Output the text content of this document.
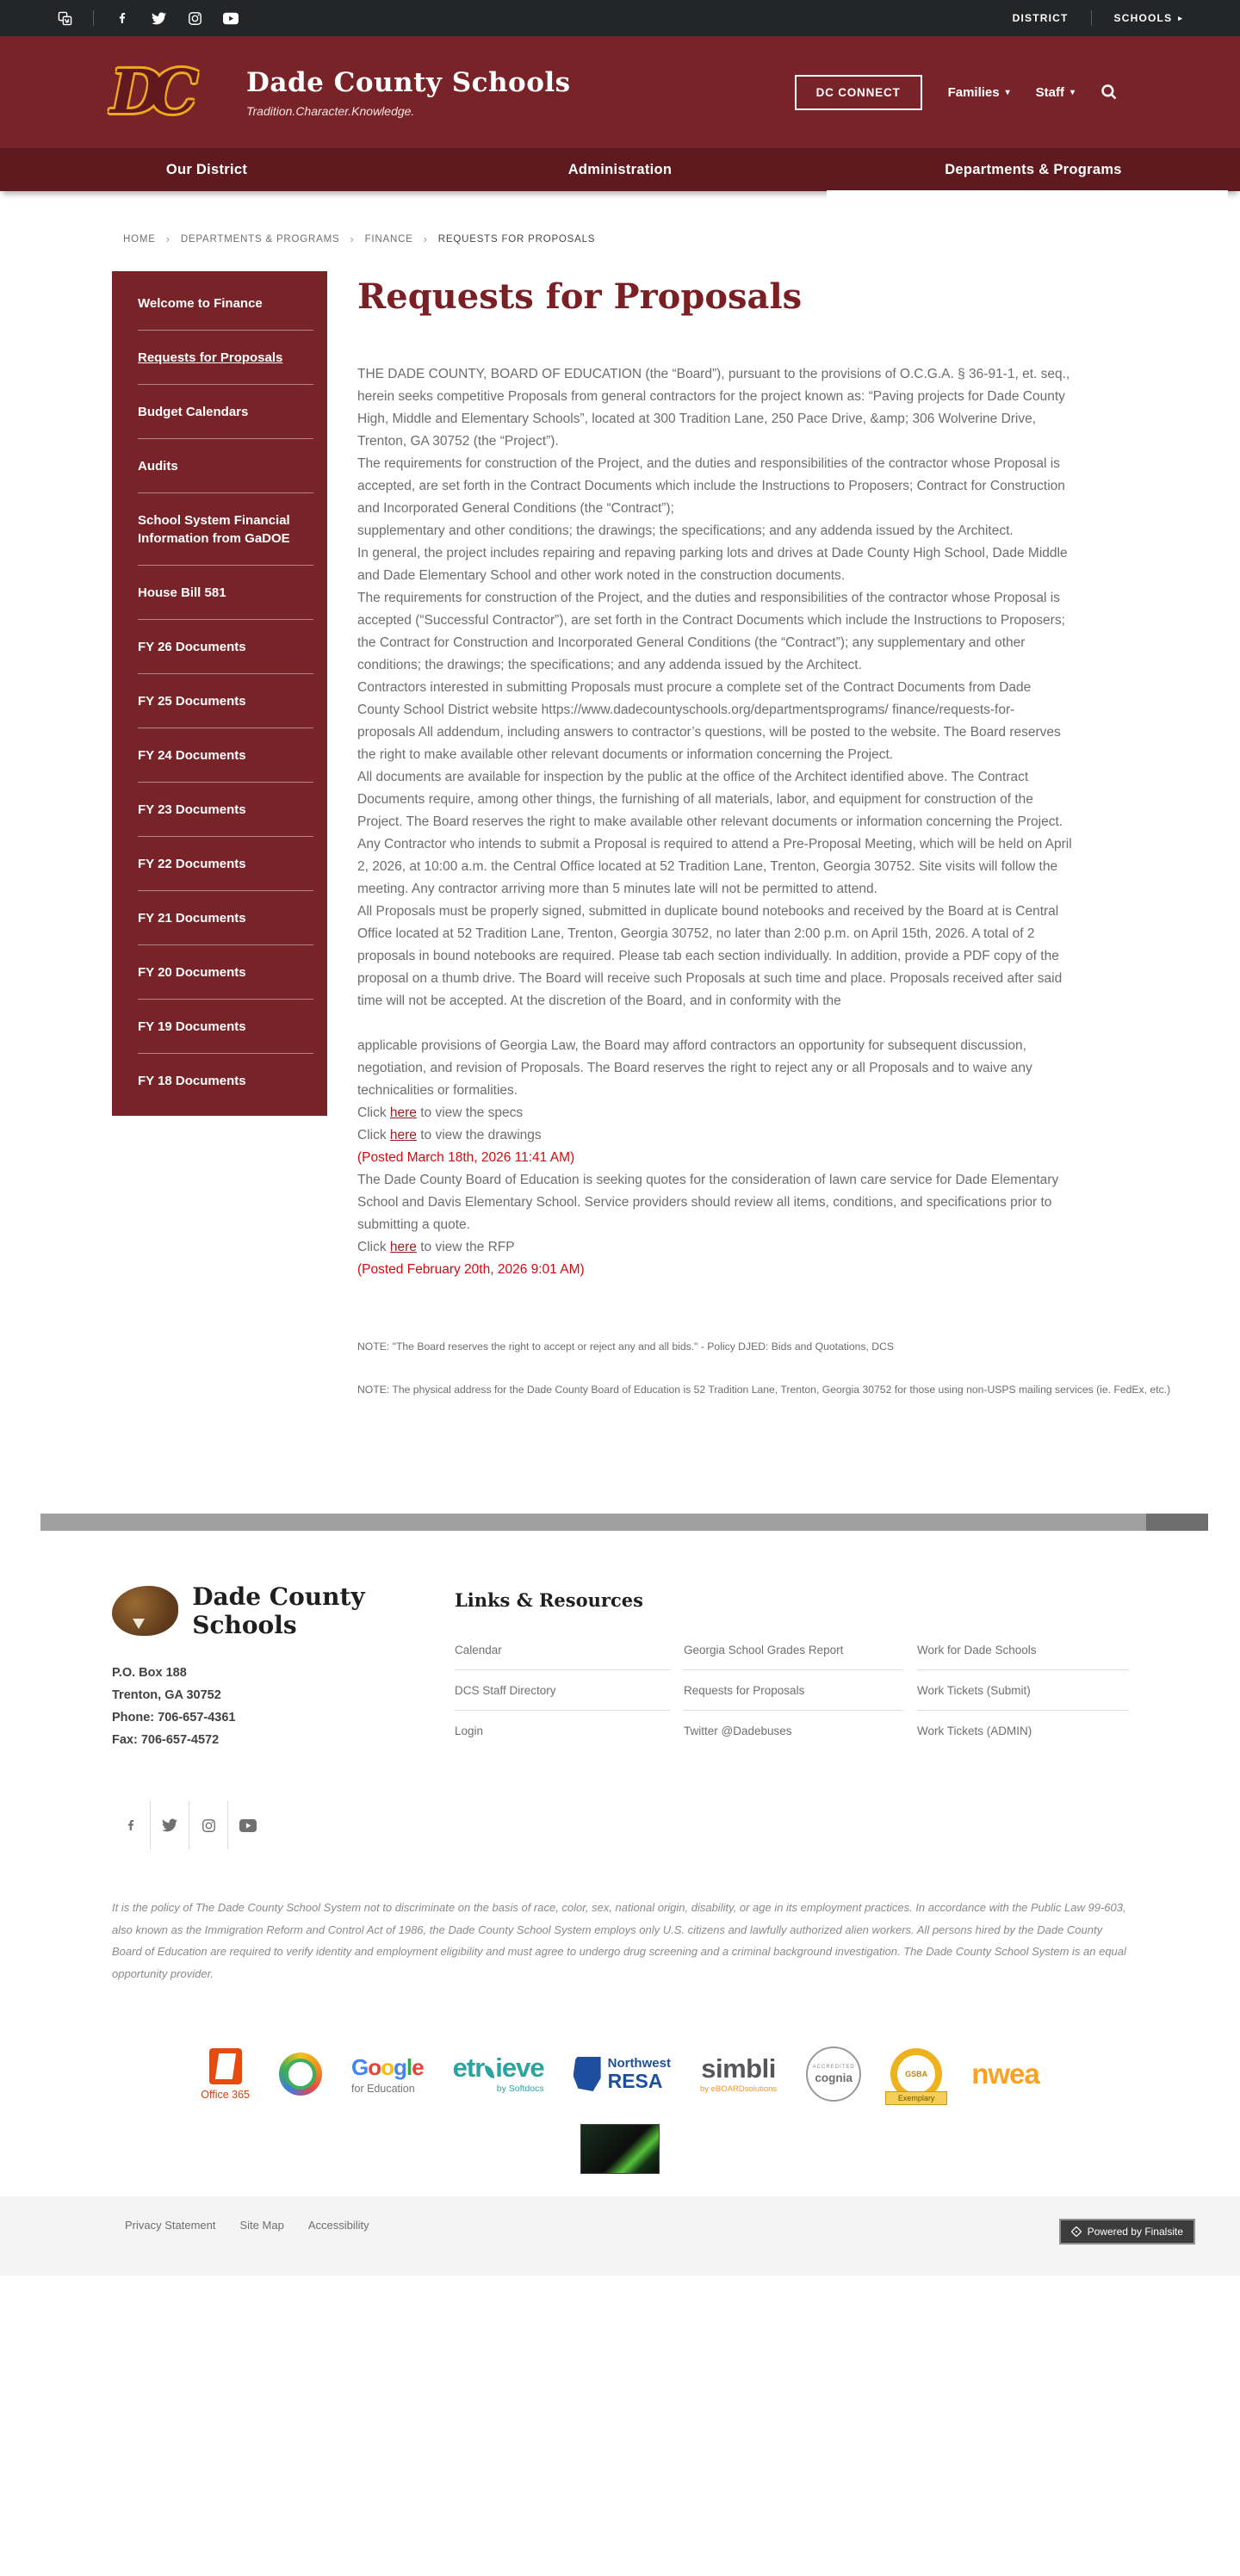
DISTRICT	SCHOOLS ▸
DC	Dade County Schools
Tradition.Character.Knowledge.
DC CONNECT	Families ▾ Staff ▾
Our District	Administration	Departments & Programs
HOME › DEPARTMENTS & PROGRAMS › FINANCE › REQUESTS FOR PROPOSALS
Welcome to Finance
Requests for Proposals
Budget Calendars
Audits
School System Financial Information from GaDOE
House Bill 581
FY 26 Documents
FY 25 Documents
FY 24 Documents
FY 23 Documents
FY 22 Documents
FY 21 Documents
FY 20 Documents
FY 19 Documents
FY 18 Documents
Requests for Proposals

THE DADE COUNTY, BOARD OF EDUCATION (the “Board”), pursuant to the provisions of O.C.G.A. § 36-91-1, et. seq., herein seeks competitive Proposals from general contractors for the project known as: “Paving projects for Dade County High, Middle and Elementary Schools”, located at 300 Tradition Lane, 250 Pace Drive, &amp; 306 Wolverine Drive, Trenton, GA 30752 (the “Project”).

The requirements for construction of the Project, and the duties and responsibilities of the contractor whose Proposal is accepted, are set forth in the Contract Documents which include the Instructions to Proposers; Contract for Construction and Incorporated General Conditions (the “Contract”);

supplementary and other conditions; the drawings; the specifications; and any addenda issued by the Architect.

In general, the project includes repairing and repaving parking lots and drives at Dade County High School, Dade Middle and Dade Elementary School and other work noted in the construction documents.

The requirements for construction of the Project, and the duties and responsibilities of the contractor whose Proposal is accepted (“Successful Contractor”), are set forth in the Contract Documents which include the Instructions to Proposers; the Contract for Construction and Incorporated General Conditions (the “Contract”); any supplementary and other conditions; the drawings; the specifications; and any addenda issued by the Architect.

Contractors interested in submitting Proposals must procure a complete set of the Contract Documents from Dade County School District website https://www.dadecountyschools.org/departmentsprograms/ finance/requests-for-proposals All addendum, including answers to contractor’s questions, will be posted to the website. The Board reserves the right to make available other relevant documents or information concerning the Project.

All documents are available for inspection by the public at the office of the Architect identified above. The Contract Documents require, among other things, the furnishing of all materials, labor, and equipment for construction of the Project. The Board reserves the right to make available other relevant documents or information concerning the Project.

Any Contractor who intends to submit a Proposal is required to attend a Pre-Proposal Meeting, which will be held on April 2, 2026, at 10:00 a.m. the Central Office located at 52 Tradition Lane, Trenton, Georgia 30752. Site visits will follow the meeting. Any contractor arriving more than 5 minutes late will not be permitted to attend.

All Proposals must be properly signed, submitted in duplicate bound notebooks and received by the Board at is Central Office located at 52 Tradition Lane, Trenton, Georgia 30752, no later than 2:00 p.m. on April 15th, 2026. A total of 2 proposals in bound notebooks are required. Please tab each section individually. In addition, provide a PDF copy of the proposal on a thumb drive. The Board will receive such Proposals at such time and place. Proposals received after said time will not be accepted. At the discretion of the Board, and in conformity with the

applicable provisions of Georgia Law, the Board may afford contractors an opportunity for subsequent discussion, negotiation, and revision of Proposals. The Board reserves the right to reject any or all Proposals and to waive any technicalities or formalities.

Click here to view the specs

Click here to view the drawings

(Posted March 18th, 2026 11:41 AM)

The Dade County Board of Education is seeking quotes for the consideration of lawn care service for Dade Elementary School and Davis Elementary School. Service providers should review all items, conditions, and specifications prior to submitting a quote.

Click here to view the RFP

(Posted February 20th, 2026 9:01 AM)

NOTE: "The Board reserves the right to accept or reject any and all bids." - Policy DJED: Bids and Quotations, DCS

NOTE: The physical address for the Dade County Board of Education is 52 Tradition Lane, Trenton, Georgia 30752 for those using non-USPS mailing services (ie. FedEx, etc.)

Dade County Schools
P.O. Box 188
Trenton, GA 30752
Phone: 706-657-4361
Fax: 706-657-4572
Links & Resources
Calendar	Georgia School Grades Report	Work for Dade Schools
DCS Staff Directory	Requests for Proposals	Work Tickets (Submit)
Login	Twitter @Dadebuses	Work Tickets (ADMIN)

It is the policy of The Dade County School System not to discriminate on the basis of race, color, sex, national origin, disability, or age in its employment practices. In accordance with the Public Law 99-603, also known as the Immigration Reform and Control Act of 1986, the Dade County School System employs only U.S. citizens and lawfully authorized alien workers. All persons hired by the Dade County Board of Education are required to verify identity and employment eligibility and must agree to undergo drug screening and a criminal background investigation. The Dade County School System is an equal opportunity provider.

Office 365
Google
for Education
etr ieve
by Softdocs
Northwest
RESA	simbli
by eBOARDsolutions
ACCREDITED
cognia	GSBA
Exemplary
nwea
Privacy Statement Site Map Accessibility	Powered by Finalsite
